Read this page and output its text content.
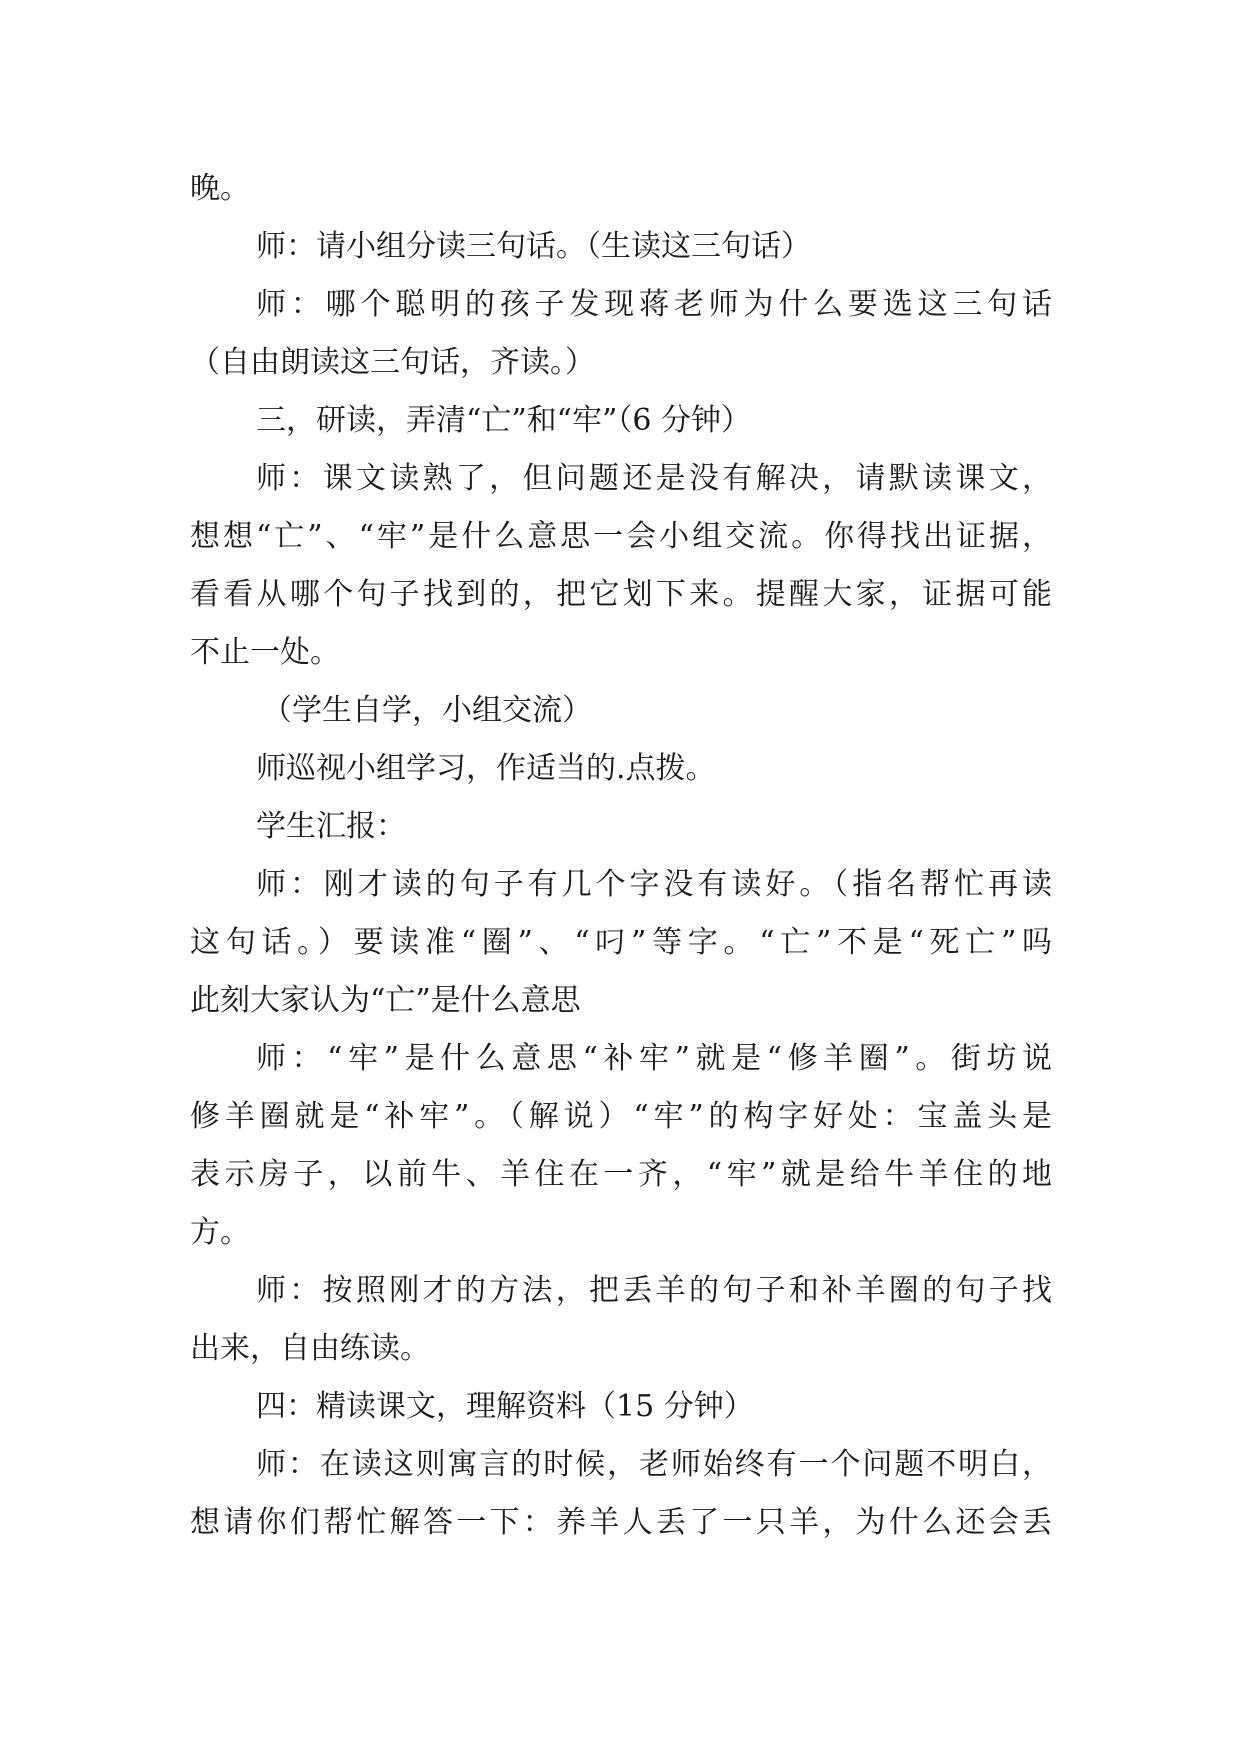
晚。
师：请小组分读三句话。（生读这三句话）
师：哪个聪明的孩子发现蒋老师为什么要选这三句话
（自由朗读这三句话，齐读。）
三，研读，弄清“亡”和“牢”（6 分钟）
师：课文读熟了，但问题还是没有解决，请默读课文，
想想“亡”、“牢”是什么意思一会小组交流。你得找出证据，
看看从哪个句子找到的，把它划下来。提醒大家，证据可能
不止一处。
（学生自学，小组交流）
师巡视小组学习，作适当的.点拨。
学生汇报：
师：刚才读的句子有几个字没有读好。（指名帮忙再读
这句话。）要读准“圈”、“叼”等字。“亡”不是“死亡”吗
此刻大家认为“亡”是什么意思
师：“牢”是什么意思“补牢”就是“修羊圈”。街坊说
修羊圈就是“补牢”。（解说）“牢”的构字好处：宝盖头是
表示房子，以前牛、羊住在一齐，“牢”就是给牛羊住的地
方。
师：按照刚才的方法，把丢羊的句子和补羊圈的句子找
出来，自由练读。
四：精读课文，理解资料（15 分钟）
师：在读这则寓言的时候，老师始终有一个问题不明白，
想请你们帮忙解答一下：养羊人丢了一只羊，为什么还会丢
